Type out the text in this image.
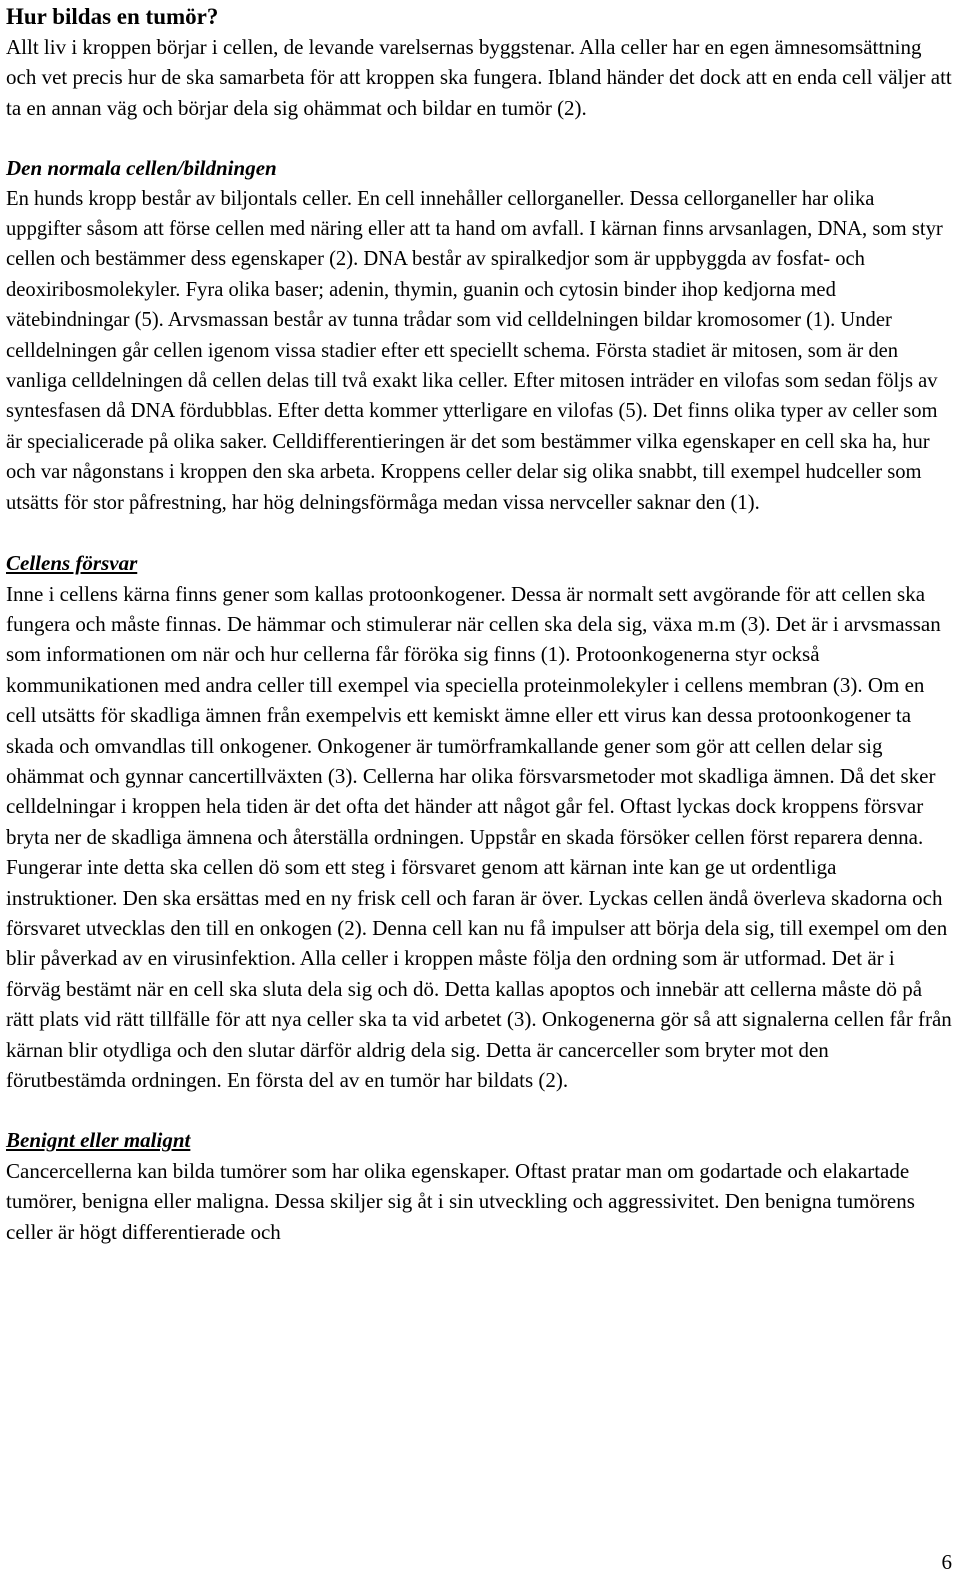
Hur bildas en tumör?

Allt liv i kroppen börjar i cellen, de levande varelsernas byggstenar. Alla celler har en egen ämnesomsättning och vet precis hur de ska samarbeta för att kroppen ska fungera. Ibland händer det dock att en enda cell väljer att ta en annan väg och börjar dela sig ohämmat och bildar en tumör (2).

Den normala cellen/bildningen

En hunds kropp består av biljontals celler. En cell innehåller cellorganeller. Dessa cellorganeller har olika uppgifter såsom att förse cellen med näring eller att ta hand om avfall. I kärnan finns arvsanlagen, DNA, som styr cellen och bestämmer dess egenskaper (2). DNA består av spiralkedjor som är uppbyggda av fosfat- och deoxiribosmolekyler. Fyra olika baser; adenin, thymin, guanin och cytosin binder ihop kedjorna med vätebindningar (5). Arvsmassan består av tunna trådar som vid celldelningen bildar kromosomer (1). Under celldelningen går cellen igenom vissa stadier efter ett speciellt schema. Första stadiet är mitosen, som är den vanliga celldelningen då cellen delas till två exakt lika celler. Efter mitosen inträder en vilofas som sedan följs av syntesfasen då DNA fördubblas. Efter detta kommer ytterligare en vilofas (5). Det finns olika typer av celler som är specialicerade på olika saker. Celldifferentieringen är det som bestämmer vilka egenskaper en cell ska ha, hur och var någonstans i kroppen den ska arbeta. Kroppens celler delar sig olika snabbt, till exempel hudceller som utsätts för stor påfrestning, har hög delningsförmåga medan vissa nervceller saknar den (1).

Cellens försvar

Inne i cellens kärna finns gener som kallas protoonkogener. Dessa är normalt sett avgörande för att cellen ska fungera och måste finnas. De hämmar och stimulerar när cellen ska dela sig, växa m.m (3). Det är i arvsmassan som informationen om när och hur cellerna får föröka sig finns (1). Protoonkogenerna styr också kommunikationen med andra celler till exempel via speciella proteinmolekyler i cellens membran (3). Om en cell utsätts för skadliga ämnen från exempelvis ett kemiskt ämne eller ett virus kan dessa protoonkogener ta skada och omvandlas till onkogener. Onkogener är tumörframkallande gener som gör att cellen delar sig ohämmat och gynnar cancertillväxten (3). Cellerna har olika försvarsmetoder mot skadliga ämnen. Då det sker celldelningar i kroppen hela tiden är det ofta det händer att något går fel. Oftast lyckas dock kroppens försvar bryta ner de skadliga ämnena och återställa ordningen. Uppstår en skada försöker cellen först reparera denna. Fungerar inte detta ska cellen dö som ett steg i försvaret genom att kärnan inte kan ge ut ordentliga instruktioner. Den ska ersättas med en ny frisk cell och faran är över. Lyckas cellen ändå överleva skadorna och försvaret utvecklas den till en onkogen (2). Denna cell kan nu få impulser att börja dela sig, till exempel om den blir påverkad av en virusinfektion. Alla celler i kroppen måste följa den ordning som är utformad. Det är i förväg bestämt när en cell ska sluta dela sig och dö. Detta kallas apoptos och innebär att cellerna måste dö på rätt plats vid rätt tillfälle för att nya celler ska ta vid arbetet (3). Onkogenerna gör så att signalerna cellen får från kärnan blir otydliga och den slutar därför aldrig dela sig. Detta är cancerceller som bryter mot den förutbestämda ordningen. En första del av en tumör har bildats (2).

Benignt eller malignt

Cancercellerna kan bilda tumörer som har olika egenskaper. Oftast pratar man om godartade och elakartade tumörer, benigna eller maligna. Dessa skiljer sig åt i sin utveckling och aggressivitet. Den benigna tumörens celler är högt differentierade och

6
